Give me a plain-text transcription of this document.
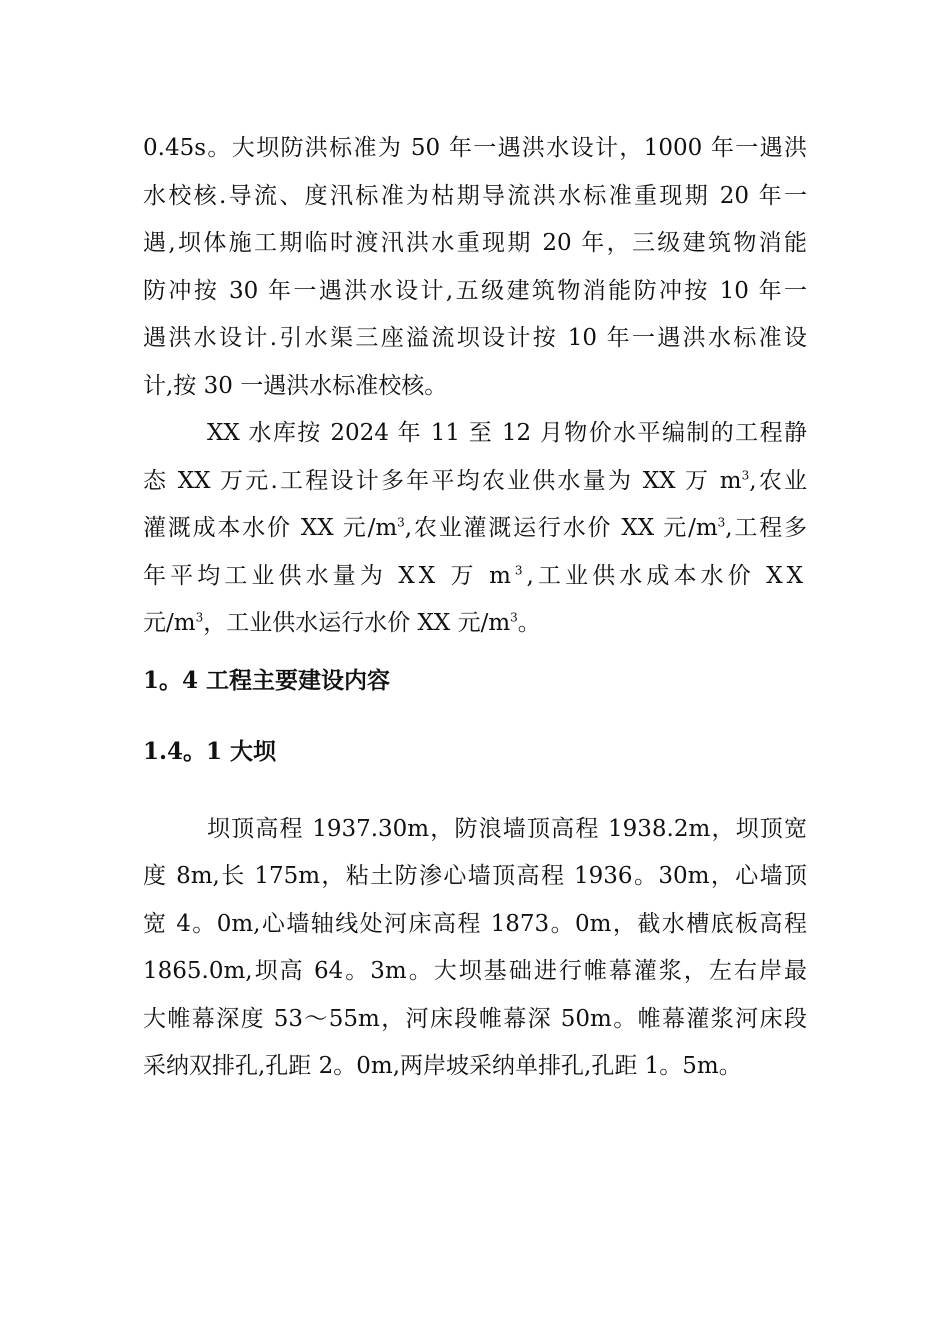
0.45s。大坝防洪标准为 50 年一遇洪水设计，1000 年一遇洪
水校核.导流、度汛标准为枯期导流洪水标准重现期 20 年一
遇,坝体施工期临时渡汛洪水重现期 20 年，三级建筑物消能
防冲按 30 年一遇洪水设计,五级建筑物消能防冲按 10 年一
遇洪水设计.引水渠三座溢流坝设计按 10 年一遇洪水标准设
计,按 30 一遇洪水标准校核。

XX 水库按 2024 年 11 至 12 月物价水平编制的工程静
态 XX 万元.工程设计多年平均农业供水量为 XX 万 $m^3$,农业
灌溉成本水价 XX 元$/m^3$,农业灌溉运行水价 XX 元$/m^3$,工程多
年平均工业供水量为 XX 万 $m^3$,工业供水成本水价 XX
元$/m^3$，工业供水运行水价 XX 元$/m^3$。

1。4 工程主要建设内容
1.4。1 大坝

坝顶高程 1937.30m，防浪墙顶高程 1938.2m，坝顶宽
度 8m,长 175m，粘土防渗心墙顶高程 1936。30m，心墙顶
宽 4。0m,心墙轴线处河床高程 1873。0m，截水槽底板高程
1865.0m,坝高 64。3m。大坝基础进行帷幕灌浆，左右岸最
大帷幕深度 53～55m，河床段帷幕深 50m。帷幕灌浆河床段
采纳双排孔,孔距 2。0m,两岸坡采纳单排孔,孔距 1。5m。
